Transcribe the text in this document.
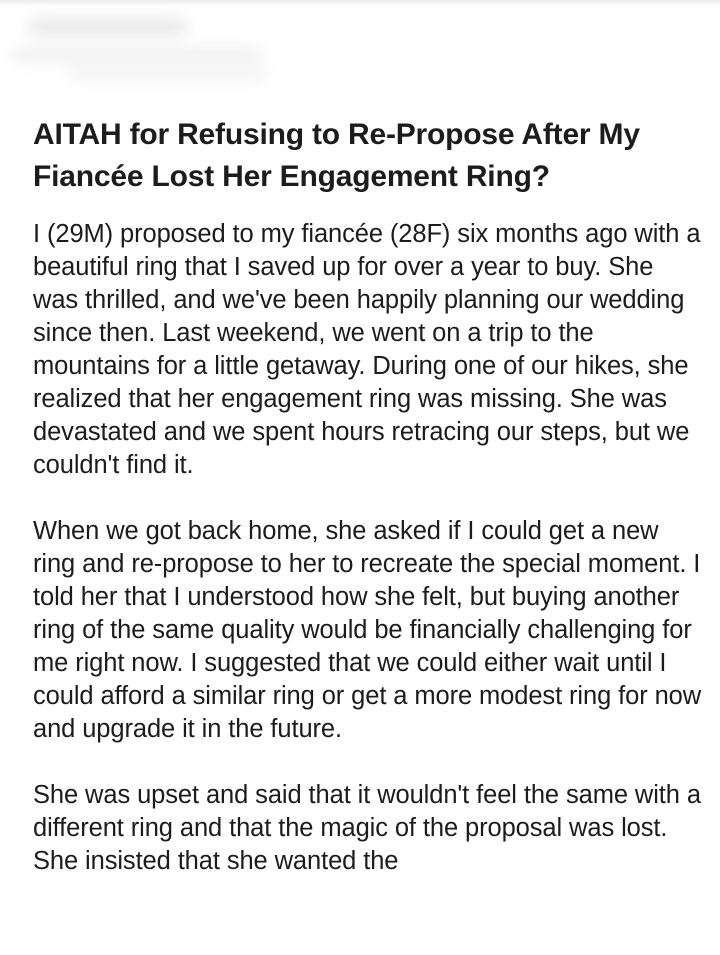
AITAH for Refusing to Re-Propose After My Fiancée Lost Her Engagement Ring?

I (29M) proposed to my fiancée (28F) six months ago with a beautiful ring that I saved up for over a year to buy. She was thrilled, and we've been happily planning our wedding since then. Last weekend, we went on a trip to the mountains for a little getaway. During one of our hikes, she realized that her engagement ring was missing. She was devastated and we spent hours retracing our steps, but we couldn't find it.

When we got back home, she asked if I could get a new ring and re-propose to her to recreate the special moment. I told her that I understood how she felt, but buying another ring of the same quality would be financially challenging for me right now. I suggested that we could either wait until I could afford a similar ring or get a more modest ring for now and upgrade it in the future.

She was upset and said that it wouldn't feel the same with a different ring and that the magic of the proposal was lost. She insisted that she wanted the
